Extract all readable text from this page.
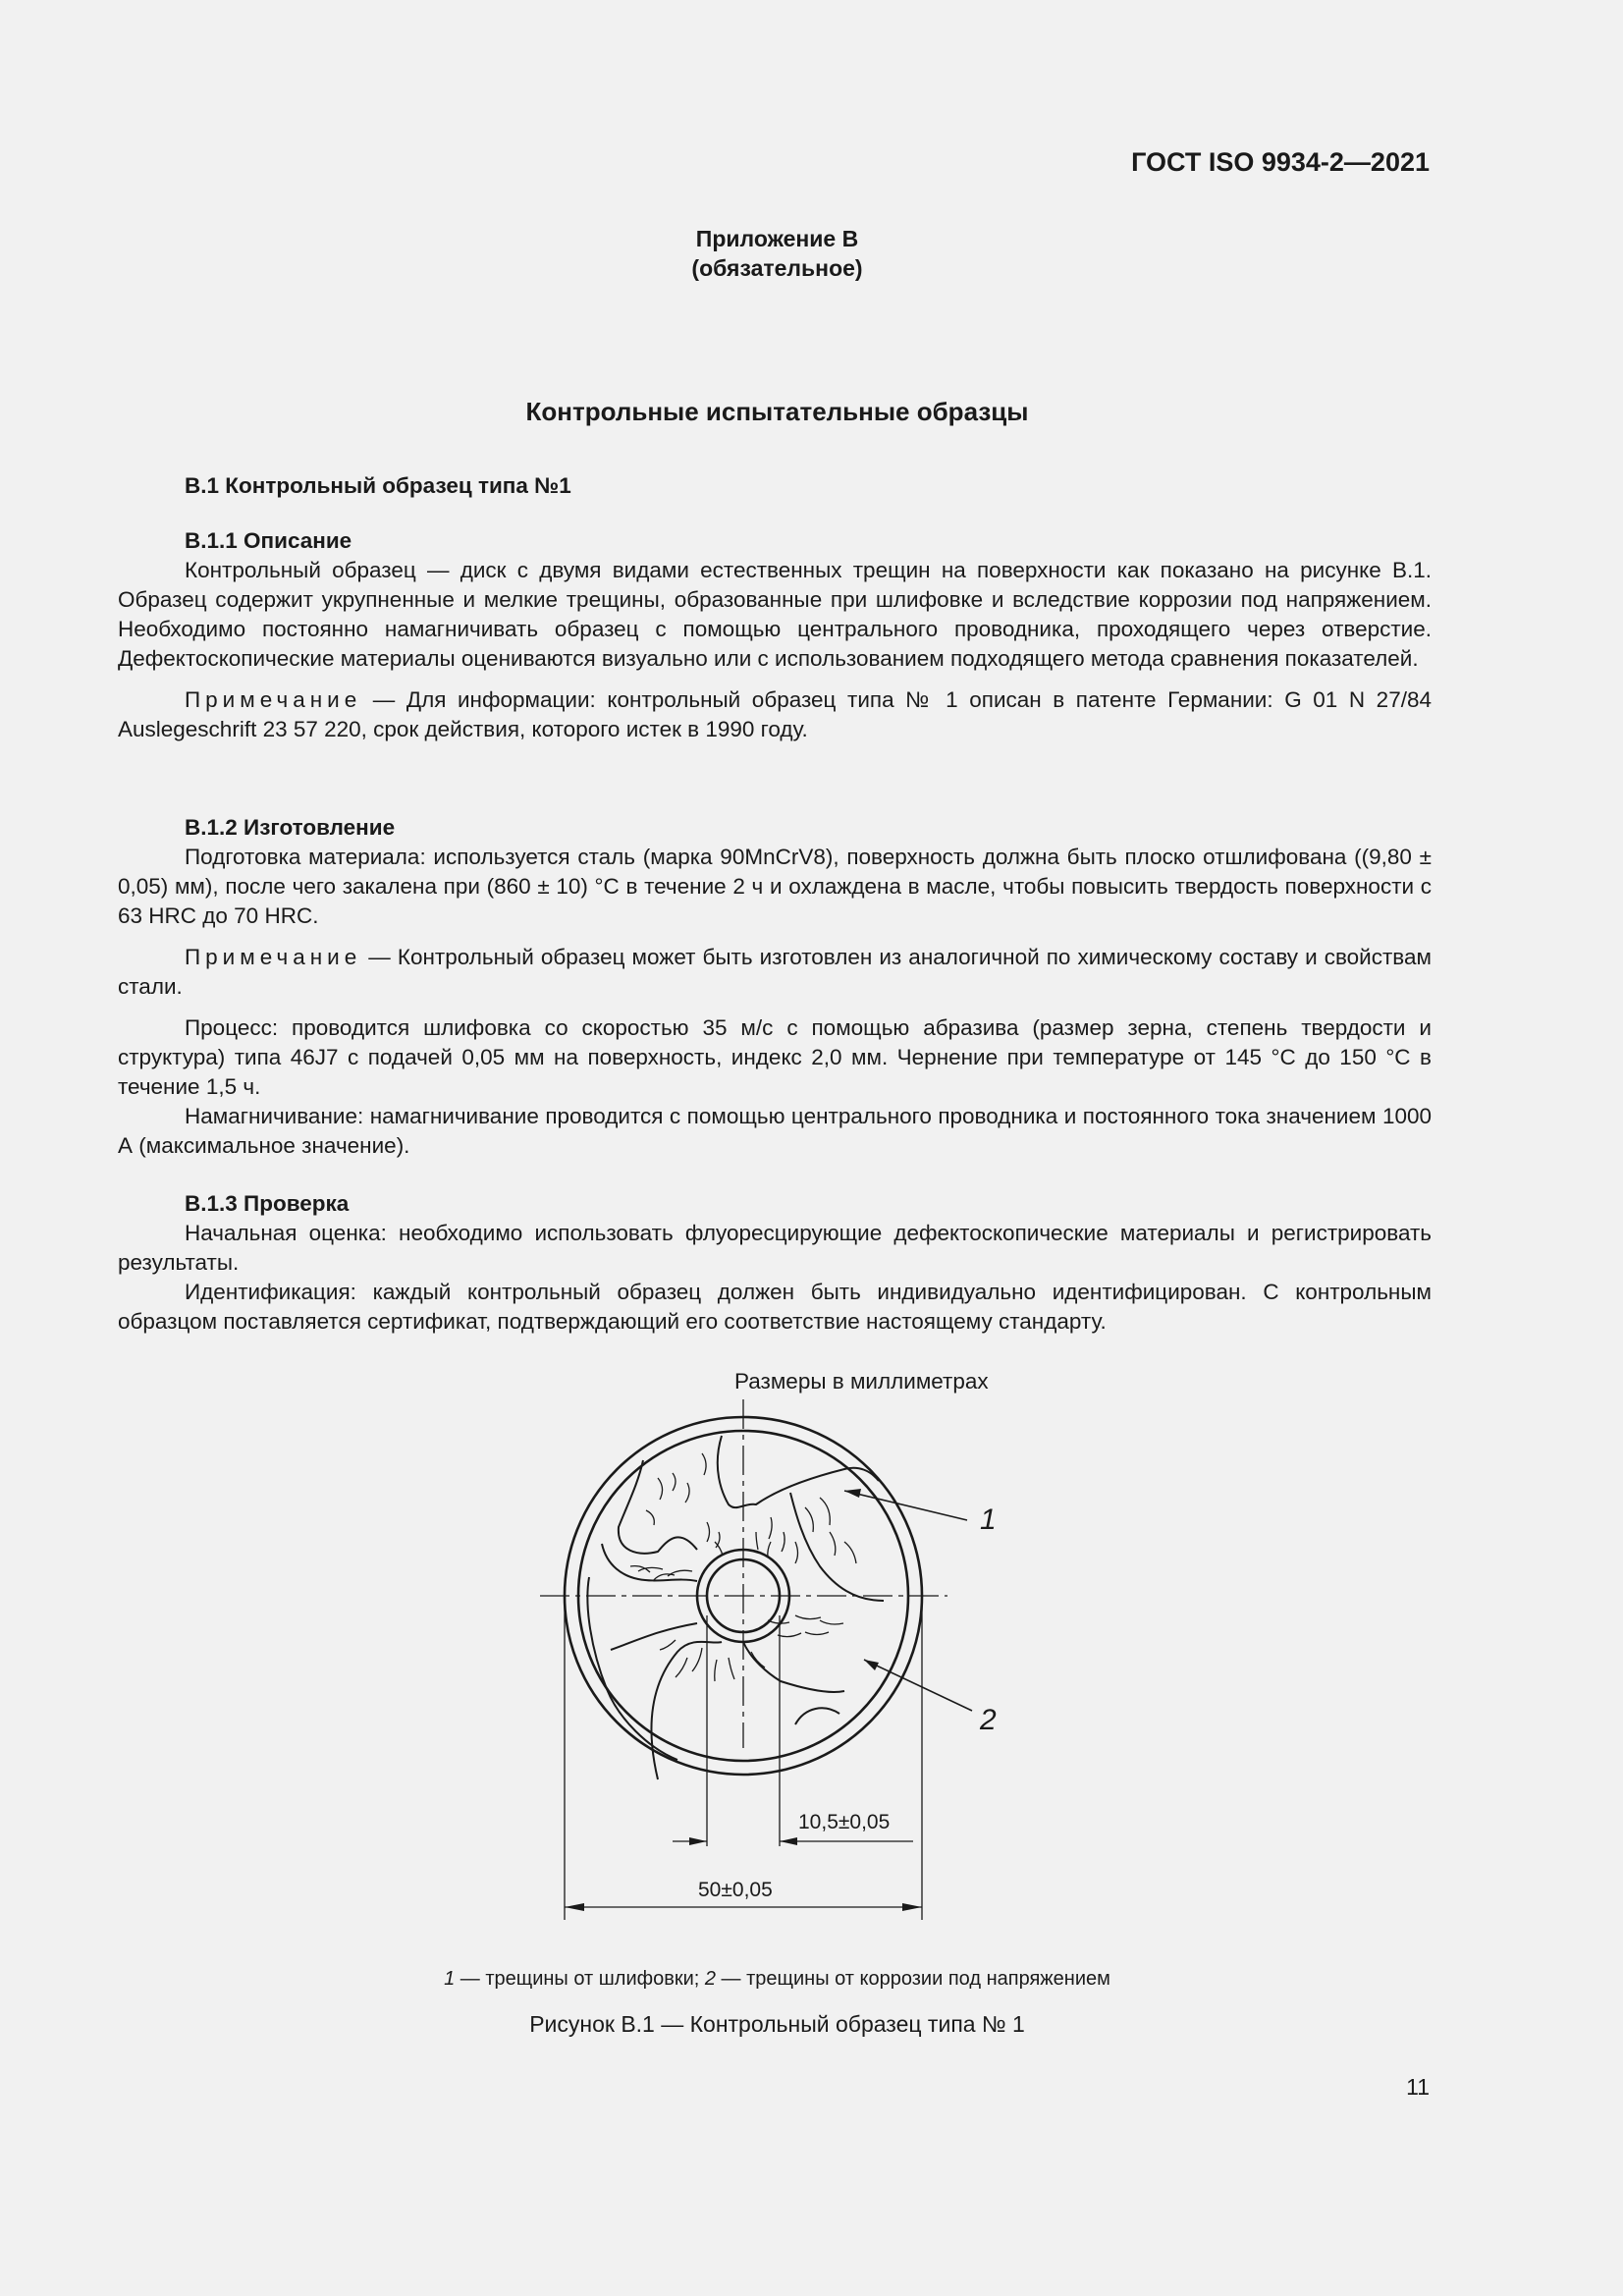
ГОСТ ISO 9934-2—2021
Приложение В
(обязательное)
Контрольные испытательные образцы
В.1 Контрольный образец типа №1
В.1.1 Описание

Контрольный образец — диск с двумя видами естественных трещин на поверхности как показано на рисунке В.1. Образец содержит укрупненные и мелкие трещины, образованные при шлифовке и вследствие коррозии под напряжением. Необходимо постоянно намагничивать образец с помощью центрального проводника, проходящего через отверстие. Дефектоскопические материалы оцениваются визуально или с использованием подходящего метода сравнения показателей.

Примечание — Для информации: контрольный образец типа № 1 описан в патенте Германии: G 01 N 27/84 Auslegeschrift 23 57 220, срок действия, которого истек в 1990 году.

В.1.2 Изготовление

Подготовка материала: используется сталь (марка 90MnCrV8), поверхность должна быть плоско отшлифована ((9,80 ± 0,05) мм), после чего закалена при (860 ± 10) °С в течение 2 ч и охлаждена в масле, чтобы повысить твердость поверхности с 63 HRC до 70 HRC.

Примечание — Контрольный образец может быть изготовлен из аналогичной по химическому составу и свойствам стали.

Процесс: проводится шлифовка со скоростью 35 м/с с помощью абразива (размер зерна, степень твердости и структура) типа 46J7 с подачей 0,05 мм на поверхность, индекс 2,0 мм. Чернение при температуре от 145 °С до 150 °С в течение 1,5 ч.

Намагничивание: намагничивание проводится с помощью центрального проводника и постоянного тока значением 1000 А (максимальное значение).

В.1.3 Проверка

Начальная оценка: необходимо использовать флуоресцирующие дефектоскопические материалы и регистрировать результаты.

Идентификация: каждый контрольный образец должен быть индивидуально идентифицирован. С контрольным образцом поставляется сертификат, подтверждающий его соответствие настоящему стандарту.

Размеры в миллиметрах
1
2
10,5±0,05
50±0,05
1 — трещины от шлифовки; 2 — трещины от коррозии под напряжением
Рисунок В.1 — Контрольный образец типа № 1
11
